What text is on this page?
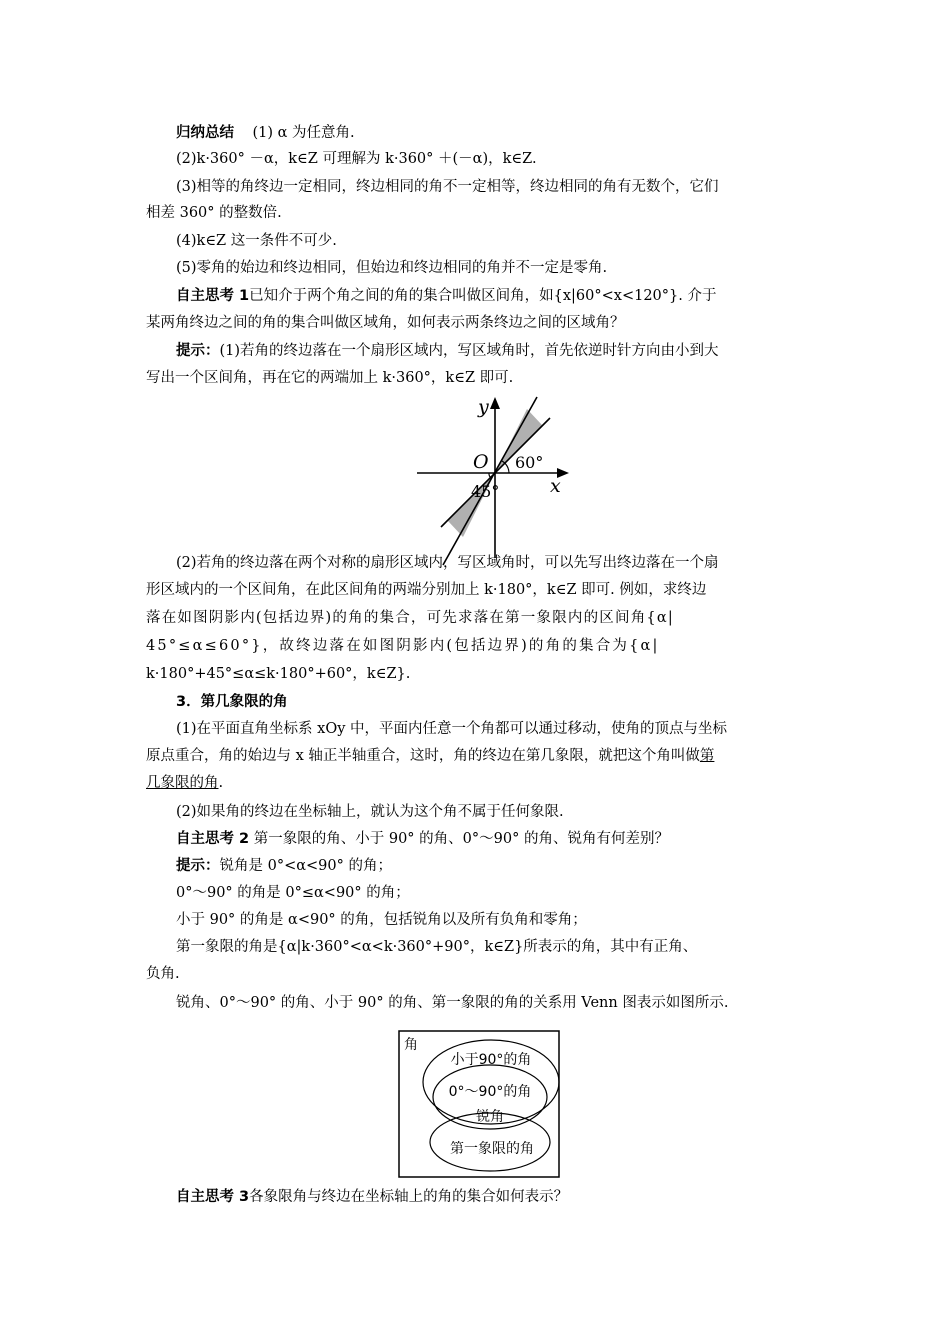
归纳总结 (1) α 为任意角.
(2)k·360° －α，k∈Z 可理解为 k·360° ＋(－α)，k∈Z.
(3)相等的角终边一定相同，终边相同的角不一定相等，终边相同的角有无数个，它们
相差 360° 的整数倍.
(4)k∈Z 这一条件不可少.
(5)零角的始边和终边相同，但始边和终边相同的角并不一定是零角.
自主思考 1已知介于两个角之间的角的集合叫做区间角，如{x|60°<x<120°}. 介于
某两角终边之间的角的集合叫做区域角，如何表示两条终边之间的区域角？
提示：(1)若角的终边落在一个扇形区域内，写区域角时，首先依逆时针方向由小到大
写出一个区间角，再在它的两端加上 k·360°，k∈Z 即可.
y
x
O 60°
45°
(2)若角的终边落在两个对称的扇形区域内，写区域角时，可以先写出终边落在一个扇
形区域内的一个区间角，在此区间角的两端分别加上 k·180°，k∈Z 即可. 例如，求终边
落在如图阴影内(包括边界)的角的集合，可先求落在第一象限内的区间角{α|
45°≤α≤60°}，故终边落在如图阴影内(包括边界)的角的集合为{α|
k·180°+45°≤α≤k·180°+60°，k∈Z}.
3．第几象限的角
(1)在平面直角坐标系 xOy 中，平面内任意一个角都可以通过移动，使角的顶点与坐标
原点重合，角的始边与 x 轴正半轴重合，这时，角的终边在第几象限，就把这个角叫做第
几象限的角.
(2)如果角的终边在坐标轴上，就认为这个角不属于任何象限.
自主思考 2 第一象限的角、小于 90° 的角、0°～90° 的角、锐角有何差别？
提示：锐角是 0°<α<90° 的角；
0°～90° 的角是 0°≤α<90° 的角；
小于 90° 的角是 α<90° 的角，包括锐角以及所有负角和零角；
第一象限的角是{α|k·360°<α<k·360°+90°，k∈Z}所表示的角，其中有正角、
负角.
锐角、0°～90° 的角、小于 90° 的角、第一象限的角的关系用 Venn 图表示如图所示.
角
小于90°的角
0°～90°的角
锐角
第一象限的角
自主思考 3各象限角与终边在坐标轴上的角的集合如何表示？
